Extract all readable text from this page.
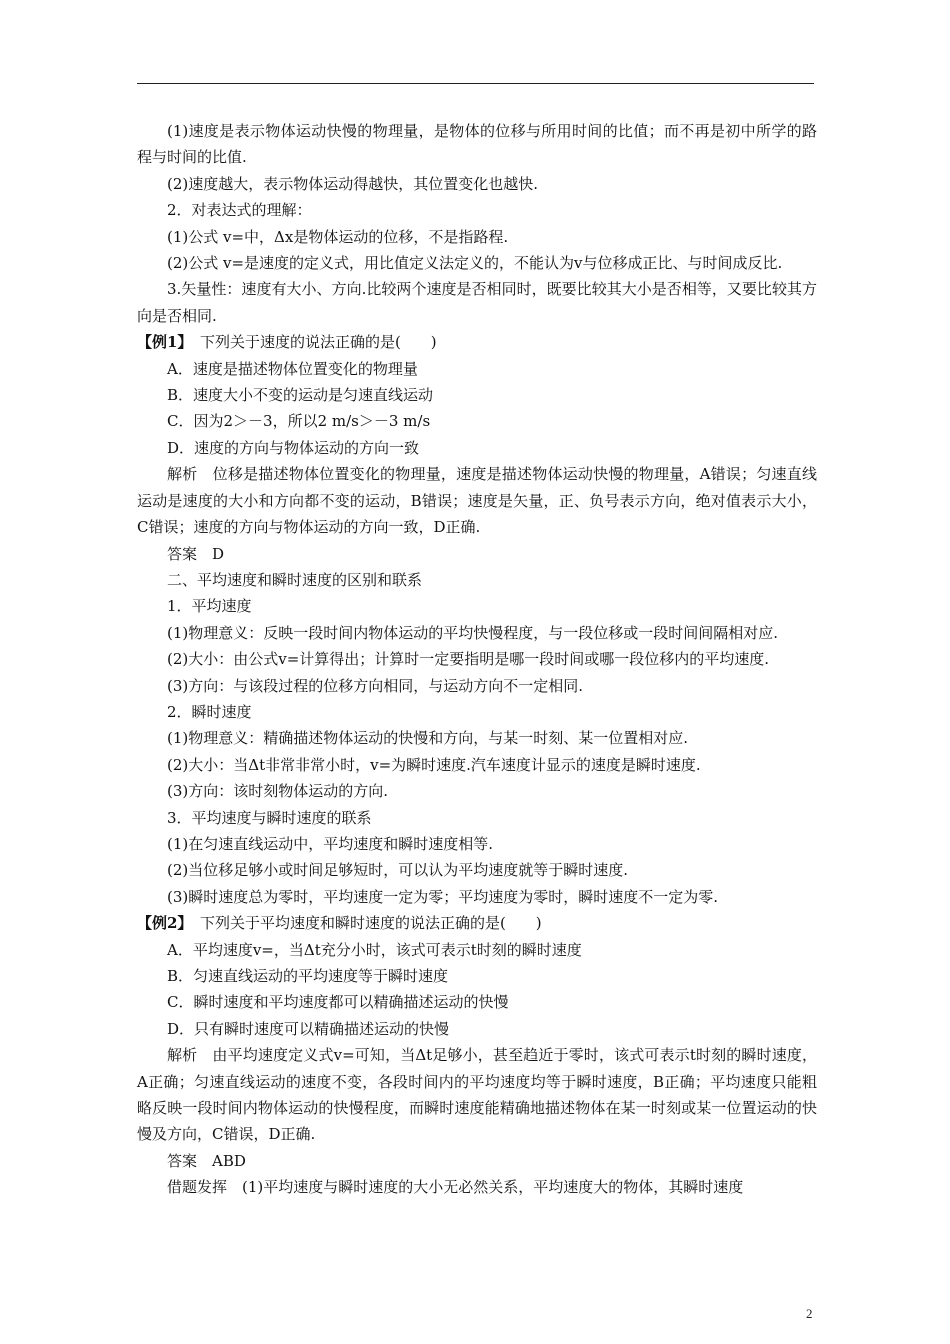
(1)速度是表示物体运动快慢的物理量，是物体的位移与所用时间的比值；而不再是初中所学的路程与时间的比值.

(2)速度越大，表示物体运动得越快，其位置变化也越快.

2．对表达式的理解：

(1)公式 v=中，Δx是物体运动的位移，不是指路程.

(2)公式 v=是速度的定义式，用比值定义法定义的，不能认为v与位移成正比、与时间成反比.

3.矢量性：速度有大小、方向.比较两个速度是否相同时，既要比较其大小是否相等，又要比较其方向是否相同.

【例1】　 下列关于速度的说法正确的是(　　)

A．速度是描述物体位置变化的物理量

B．速度大小不变的运动是匀速直线运动

C．因为2＞－3，所以2 m/s＞－3 m/s

D．速度的方向与物体运动的方向一致

解析　位移是描述物体位置变化的物理量，速度是描述物体运动快慢的物理量，A错误；匀速直线运动是速度的大小和方向都不变的运动，B错误；速度是矢量，正、负号表示方向，绝对值表示大小，C错误；速度的方向与物体运动的方向一致，D正确.

答案　D

二、平均速度和瞬时速度的区别和联系

1．平均速度

(1)物理意义：反映一段时间内物体运动的平均快慢程度，与一段位移或一段时间间隔相对应.

(2)大小：由公式v=计算得出；计算时一定要指明是哪一段时间或哪一段位移内的平均速度.

(3)方向：与该段过程的位移方向相同，与运动方向不一定相同.

2．瞬时速度

(1)物理意义：精确描述物体运动的快慢和方向，与某一时刻、某一位置相对应.

(2)大小：当Δt非常非常小时，v=为瞬时速度.汽车速度计显示的速度是瞬时速度.

(3)方向：该时刻物体运动的方向.

3．平均速度与瞬时速度的联系

(1)在匀速直线运动中，平均速度和瞬时速度相等.

(2)当位移足够小或时间足够短时，可以认为平均速度就等于瞬时速度.

(3)瞬时速度总为零时，平均速度一定为零；平均速度为零时，瞬时速度不一定为零.

【例2】　 下列关于平均速度和瞬时速度的说法正确的是(　　)

A．平均速度v=，当Δt充分小时，该式可表示t时刻的瞬时速度

B．匀速直线运动的平均速度等于瞬时速度

C．瞬时速度和平均速度都可以精确描述运动的快慢

D．只有瞬时速度可以精确描述运动的快慢

解析　由平均速度定义式v=可知，当Δt足够小，甚至趋近于零时，该式可表示t时刻的瞬时速度，A正确；匀速直线运动的速度不变，各段时间内的平均速度均等于瞬时速度，B正确；平均速度只能粗略反映一段时间内物体运动的快慢程度，而瞬时速度能精确地描述物体在某一时刻或某一位置运动的快慢及方向，C错误，D正确.

答案　ABD

借题发挥　(1)平均速度与瞬时速度的大小无必然关系，平均速度大的物体，其瞬时速度

2
